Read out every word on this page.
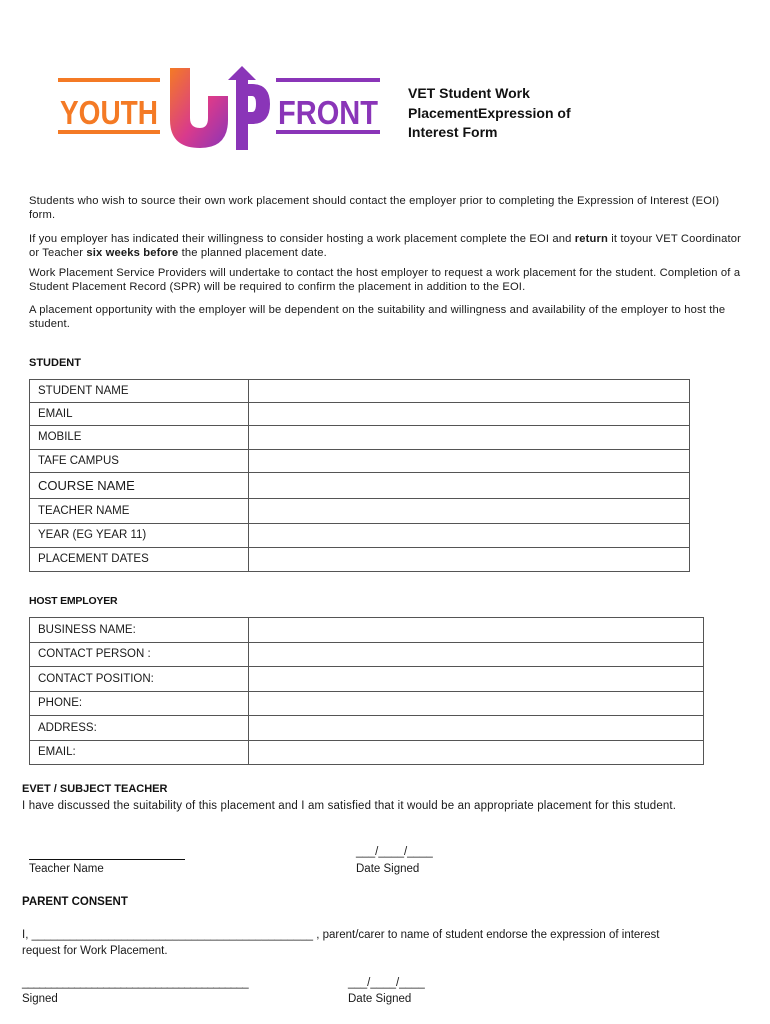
YOUTH	FRONT
UP
VET Student Work PlacementExpression of Interest Form
Students who wish to source their own work placement should contact the employer prior to completing the Expression of Interest (EOI) form.
If you employer has indicated their willingness to consider hosting a work placement complete the EOI and return it toyour VET Coordinator or Teacher six weeks before the planned placement date.
Work Placement Service Providers will undertake to contact the host employer to request a work placement for the student. Completion of a Student Placement Record (SPR) will be required to confirm the placement in addition to the EOI.
A placement opportunity with the employer will be dependent on the suitability and willingness and availability of the employer to host the student.
STUDENT
STUDENT NAME	
EMAIL	
MOBILE	
TAFE CAMPUS	
COURSE NAME	
TEACHER NAME	
YEAR (EG YEAR 11)	
PLACEMENT DATES	
HOST EMPLOYER
BUSINESS NAME:	
CONTACT PERSON :	
CONTACT POSITION:	
PHONE:	
ADDRESS:	
EMAIL:	
EVET / SUBJECT TEACHER
I have discussed the suitability of this placement and I am satisfied that it would be an appropriate placement for this student.
___/____/____
Teacher Name	Date Signed
PARENT CONSENT
I, ____________________________________________ , parent/carer to name of student endorse the expression of interest
request for Work Placement.
_______________________________________	___/____/____
Signed	Date Signed
